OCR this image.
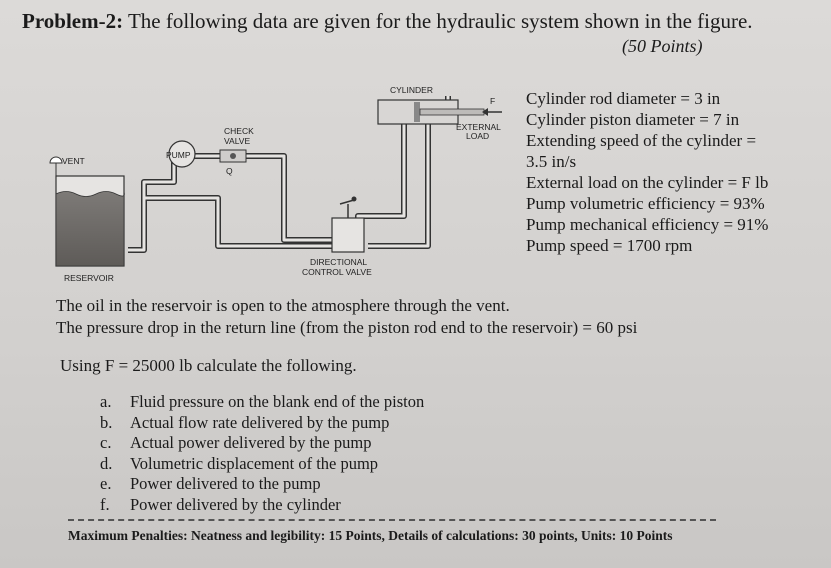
Problem-2: The following data are given for the hydraulic system shown in the figure.
(50 Points)
VENT
RESERVOIR
PUMP
CHECK
VALVE
Q
DIRECTIONAL
CONTROL VALVE
CYLINDER
F
EXTERNAL
LOAD
Cylinder rod diameter = 3 in
Cylinder piston diameter = 7 in
Extending speed of the cylinder =
3.5 in/s
External load on the cylinder = F lb
Pump volumetric efficiency = 93%
Pump mechanical efficiency = 91%
Pump speed = 1700 rpm
The oil in the reservoir is open to the atmosphere through the vent.
The pressure drop in the return line (from the piston rod end to the reservoir) = 60 psi
Using F = 25000 lb calculate the following.
a.	Fluid pressure on the blank end of the piston
b.	Actual flow rate delivered by the pump
c.	Actual power delivered by the pump
d.	Volumetric displacement of the pump
e.	Power delivered to the pump
f.	Power delivered by the cylinder
Maximum Penalties: Neatness and legibility: 15 Points, Details of calculations: 30 points, Units: 10 Points
